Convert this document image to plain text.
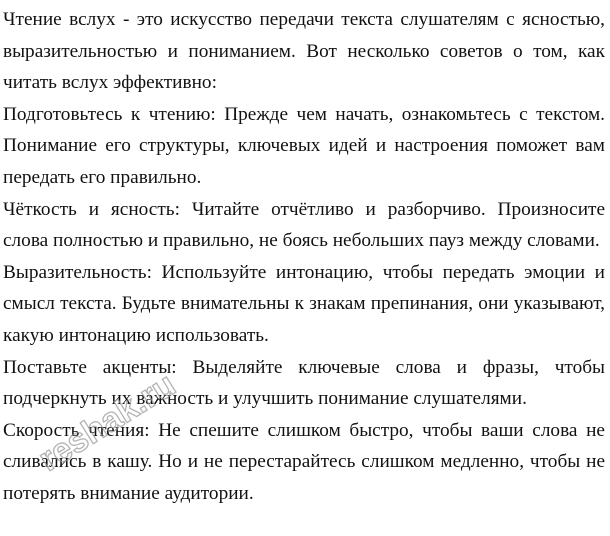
Чтение вслух - это искусство передачи текста слушателям с ясностью, выразительностью и пониманием. Вот несколько советов о том, как читать вслух эффективно:

Подготовьтесь к чтению: Прежде чем начать, ознакомьтесь с текстом. Понимание его структуры, ключевых идей и настроения поможет вам передать его правильно.

Чёткость и ясность: Читайте отчётливо и разборчиво. Произносите слова полностью и правильно, не боясь небольших пауз между словами.

Выразительность: Используйте интонацию, чтобы передать эмоции и смысл текста. Будьте внимательны к знакам препинания, они указывают, какую интонацию использовать.

Поставьте акценты: Выделяйте ключевые слова и фразы, чтобы подчеркнуть их важность и улучшить понимание слушателями.

Скорость чтения: Не спешите слишком быстро, чтобы ваши слова не сливались в кашу. Но и не перестарайтесь слишком медленно, чтобы не потерять внимание аудитории.

reshak.ru
